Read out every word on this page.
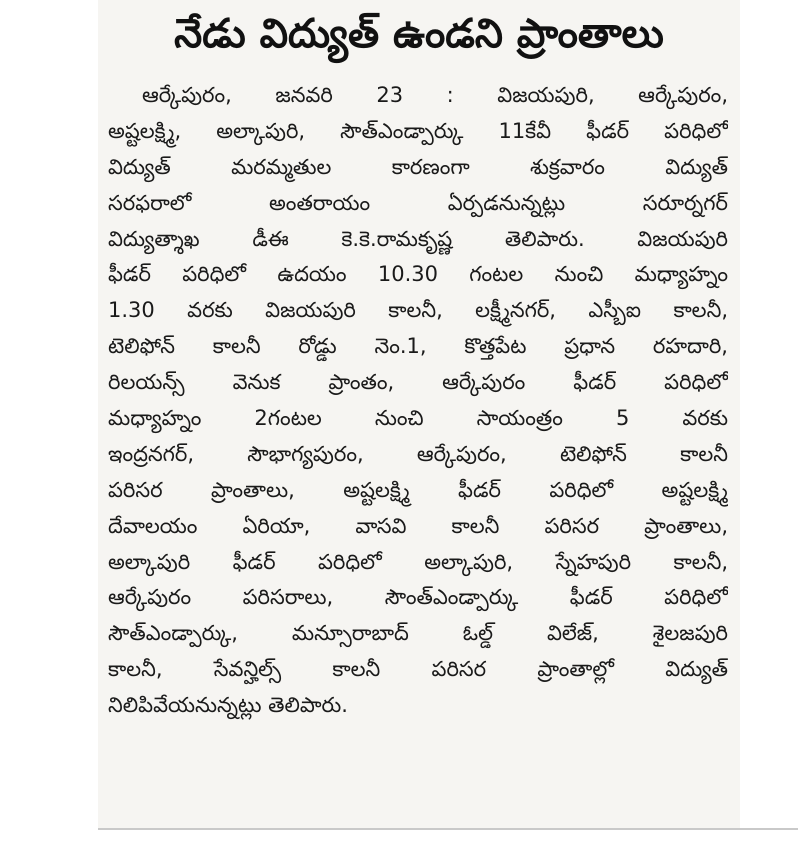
నేడు విద్యుత్ ఉండని ప్రాంతాలు
ఆర్కేపురం, జనవరి 23 : విజయపురి, ఆర్కేపురం,
అష్టలక్ష్మి, అల్కాపురి, సౌత్ఎండ్పార్కు 11కేవీ ఫీడర్ పరిధిలో
విద్యుత్ మరమ్మతుల కారణంగా శుక్రవారం విద్యుత్
సరఫరాలో అంతరాయం ఏర్పడనున్నట్లు సరూర్నగర్
విద్యుత్శాఖ డీఈ కె.కె.రామకృష్ణ తెలిపారు. విజయపురి
ఫీడర్ పరిధిలో ఉదయం 10.30 గంటల నుంచి మధ్యాహ్నం
1.30 వరకు విజయపురి కాలనీ, లక్ష్మీనగర్, ఎస్బీఐ కాలనీ,
టెలిఫోన్ కాలనీ రోడ్డు నెం.1, కొత్తపేట ప్రధాన రహదారి,
రిలయన్స్ వెనుక ప్రాంతం, ఆర్కేపురం ఫీడర్ పరిధిలో
మధ్యాహ్నం 2గంటల నుంచి సాయంత్రం 5 వరకు
ఇంద్రనగర్, సౌభాగ్యపురం, ఆర్కేపురం, టెలిఫోన్ కాలనీ
పరిసర ప్రాంతాలు, అష్టలక్ష్మి ఫీడర్ పరిధిలో అష్టలక్ష్మి
దేవాలయం ఏరియా, వాసవి కాలనీ పరిసర ప్రాంతాలు,
అల్కాపురి ఫీడర్ పరిధిలో అల్కాపురి, స్నేహపురి కాలనీ,
ఆర్కేపురం పరిసరాలు, సౌంత్ఎండ్పార్కు ఫీడర్ పరిధిలో
సౌత్ఎండ్పార్కు, మన్సూరాబాద్ ఓల్డ్ విలేజ్, శైలజపురి
కాలనీ, సేవన్హిల్స్ కాలనీ పరిసర ప్రాంతాల్లో విద్యుత్
నిలిపివేయనున్నట్లు తెలిపారు.
